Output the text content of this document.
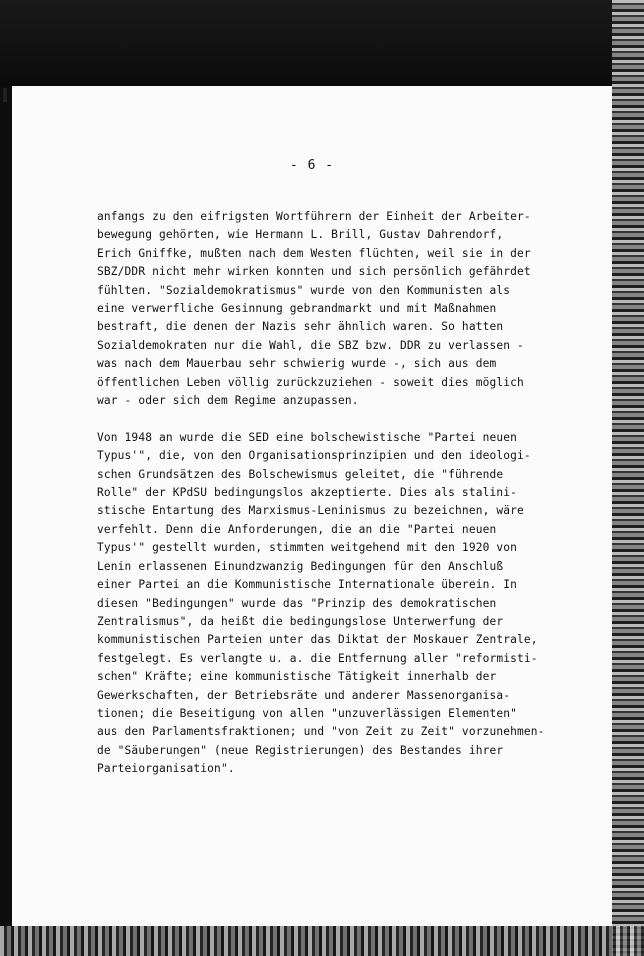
- 6 -

anfangs zu den eifrigsten Wortführern der Einheit der Arbeiter-
bewegung gehörten, wie Hermann L. Brill, Gustav Dahrendorf,
Erich Gniffke, mußten nach dem Westen flüchten, weil sie in der
SBZ/DDR nicht mehr wirken konnten und sich persönlich gefährdet
fühlten. "Sozialdemokratismus" wurde von den Kommunisten als
eine verwerfliche Gesinnung gebrandmarkt und mit Maßnahmen
bestraft, die denen der Nazis sehr ähnlich waren. So hatten
Sozialdemokraten nur die Wahl, die SBZ bzw. DDR zu verlassen -
was nach dem Mauerbau sehr schwierig wurde -, sich aus dem
öffentlichen Leben völlig zurückzuziehen - soweit dies möglich
war - oder sich dem Regime anzupassen.

Von 1948 an wurde die SED eine bolschewistische "Partei neuen
Typus'", die, von den Organisationsprinzipien und den ideologi-
schen Grundsätzen des Bolschewismus geleitet, die "führende
Rolle" der KPdSU bedingungslos akzeptierte. Dies als stalini-
stische Entartung des Marxismus-Leninismus zu bezeichnen, wäre
verfehlt. Denn die Anforderungen, die an die "Partei neuen
Typus'" gestellt wurden, stimmten weitgehend mit den 1920 von
Lenin erlassenen Einundzwanzig Bedingungen für den Anschluß
einer Partei an die Kommunistische Internationale überein. In
diesen "Bedingungen" wurde das "Prinzip des demokratischen
Zentralismus", da heißt die bedingungslose Unterwerfung der
kommunistischen Parteien unter das Diktat der Moskauer Zentrale,
festgelegt. Es verlangte u. a. die Entfernung aller "reformisti-
schen" Kräfte; eine kommunistische Tätigkeit innerhalb der
Gewerkschaften, der Betriebsräte und anderer Massenorganisa-
tionen; die Beseitigung von allen "unzuverlässigen Elementen"
aus den Parlamentsfraktionen; und "von Zeit zu Zeit" vorzunehmen-
de "Säuberungen" (neue Registrierungen) des Bestandes ihrer
Parteiorganisation".
